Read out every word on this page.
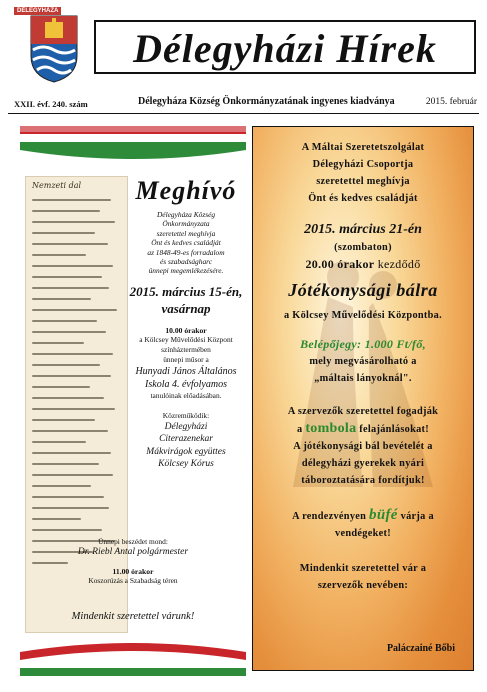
DÉLEGYHÁZA
Délegyházi Hírek
XXII. évf. 240. szám	Délegyháza Község Önkormányzatának ingyenes kiadványa	2015. február
Nemzeti dal Meghívó
Délegyháza Község
Önkormányzata
szeretettel meghívja
Önt és kedves családját
az 1848-49-es forradalom
és szabadságharc
ünnepi megemlékezésére.
2015. március 15-én,
vasárnap
10.00 órakor
a Kölcsey Művelődési Központ
színháztermében
ünnepi műsor a
Hunyadi János Általános
Iskola 4. évfolyamos
tanulóinak előadásában.
Közreműködik:
Délegyházi
Citerazenekar
Mákvirágok együttes
Kölcsey Kórus
Ünnepi beszédet mond:
Dr. Riebl Antal polgármester
11.00 órakor
Koszorúzás a Szabadság téren
Mindenkit szeretettel várunk!
A Máltai Szeretetszolgálat
Délegyházi Csoportja
szeretettel meghívja
Önt és kedves családját
2015. március 21-én
(szombaton)
20.00 órakor kezdődő
Jótékonysági bálra
a Kölcsey Művelődési Központba.
Belépőjegy: 1.000 Ft/fő,
mely megvásárolható a
„máltais lányoknál".
A szervezők szeretettel fogadják
a tombola felajánlásokat!
A jótékonysági bál bevételét a
délegyházi gyerekek nyári
táboroztatására fordítjuk!
A rendezvényen büfé várja a
vendégeket!
Mindenkit szeretettel vár a
szervezők nevében:
Paláczainé Bőbi
